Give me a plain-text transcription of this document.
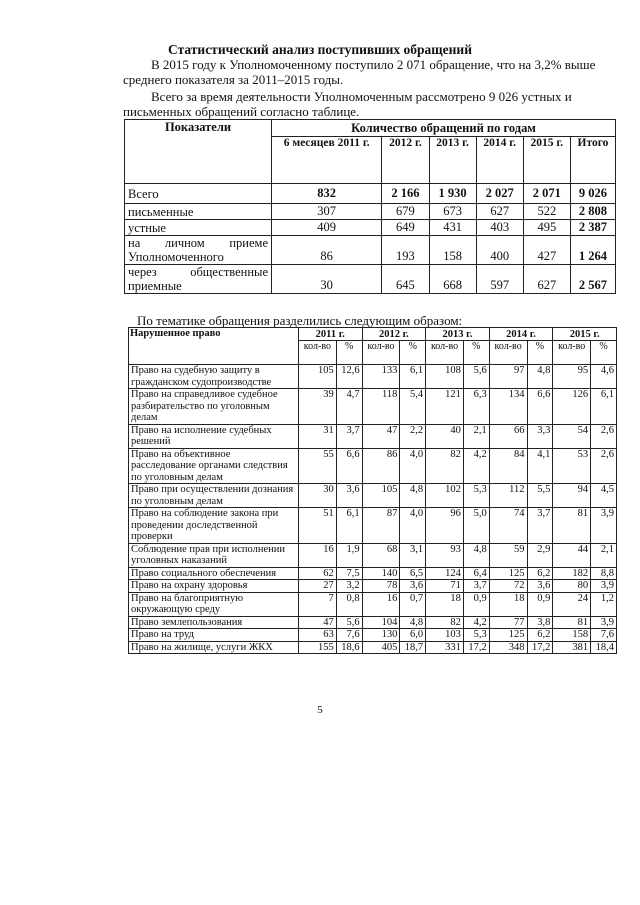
Статистический анализ поступивших обращений
В 2015 году к Уполномоченному поступило 2 071 обращение, что на 3,2% выше среднего показателя за 2011–2015 годы.
Всего за время деятельности Уполномоченным рассмотрено 9 026 устных и письменных обращений согласно таблице.
Показатели	Количество обращений по годам					
	6 месяцев 2011 г.	2012 г.	2013 г.	2014 г.	2015 г.	Итого
Всего	832	2 166	1 930	2 027	2 071	9 026
письменные	307	679	673	627	522	2 808
устные	409	649	431	403	495	2 387
на личном приеме Уполномоченного	86	193	158	400	427	1 264
через общественные приемные	30	645	668	597	627	2 567
По тематике обращения разделились следующим образом:
Нарушенное право	2011 г.		2012 г.		2013 г.		2014 г.		2015 г.	
	кол-во	%	кол-во	%	кол-во	%	кол-во	%	кол-во	%
Право на судебную защиту в гражданском судопроизводстве	105	12,6	133	6,1	108	5,6	97	4,8	95	4,6
Право на справедливое судебное разбирательство по уголовным делам	39	4,7	118	5,4	121	6,3	134	6,6	126	6,1
Право на исполнение судебных решений	31	3,7	47	2,2	40	2,1	66	3,3	54	2,6
Право на объективное расследование органами следствия по уголовным делам	55	6,6	86	4,0	82	4,2	84	4,1	53	2,6
Право при осуществлении дознания по уголовным делам	30	3,6	105	4,8	102	5,3	112	5,5	94	4,5
Право на соблюдение закона при проведении доследственной проверки	51	6,1	87	4,0	96	5,0	74	3,7	81	3,9
Соблюдение прав при исполнении уголовных наказаний	16	1,9	68	3,1	93	4,8	59	2,9	44	2,1
Право социального обеспечения	62	7,5	140	6,5	124	6,4	125	6,2	182	8,8
Право на охрану здоровья	27	3,2	78	3,6	71	3,7	72	3,6	80	3,9
Право на благоприятную окружающую среду	7	0,8	16	0,7	18	0,9	18	0,9	24	1,2
Право землепользования	47	5,6	104	4,8	82	4,2	77	3,8	81	3,9
Право на труд	63	7,6	130	6,0	103	5,3	125	6,2	158	7,6
Право на жилище, услуги ЖКХ	155	18,6	405	18,7	331	17,2	348	17,2	381	18,4
5
